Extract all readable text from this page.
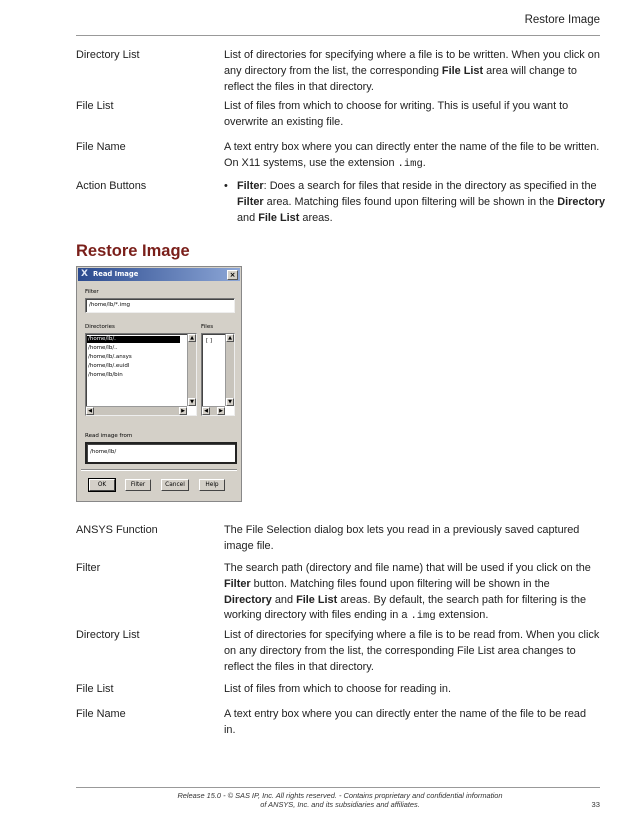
Restore Image
Directory List	List of directories for specifying where a file is to be written. When you click on any directory from the list, the corresponding File List area will change to reflect the files in that directory.
File List	List of files from which to choose for writing. This is useful if you want to overwrite an existing file.
File Name	A text entry box where you can directly enter the name of the file to be written. On X11 systems, use the extension .img.
Action Buttons	• Filter: Does a search for files that reside in the directory as specified in the Filter area. Matching files found upon filtering will be shown in the Directory and File List areas.
Restore Image
X Read Image	×
Filter
/home/lb/*.img
Directories	Files
/home/lb/.
/home/lb/..
/home/lb/.ansys
/home/lb/.euidl
/home/lb/bin
▲
▼
◀	▶
[ ]	▲
▼
◀	▶
Read image from
/home/lb/
OK	Filter	Cancel	Help
ANSYS Function	The File Selection dialog box lets you read in a previously saved captured image file.
Filter	The search path (directory and file name) that will be used if you click on the Filter button. Matching files found upon filtering will be shown in the Directory and File List areas. By default, the search path for filtering is the working directory with files ending in a .img extension.
Directory List	List of directories for specifying where a file is to be read from. When you click on any directory from the list, the corresponding File List area changes to reflect the files in that directory.
File List	List of files from which to choose for reading in.
File Name	A text entry box where you can directly enter the name of the file to be read in.
Release 15.0 - © SAS IP, Inc. All rights reserved. - Contains proprietary and confidential information
of ANSYS, Inc. and its subsidiaries and affiliates.	33
